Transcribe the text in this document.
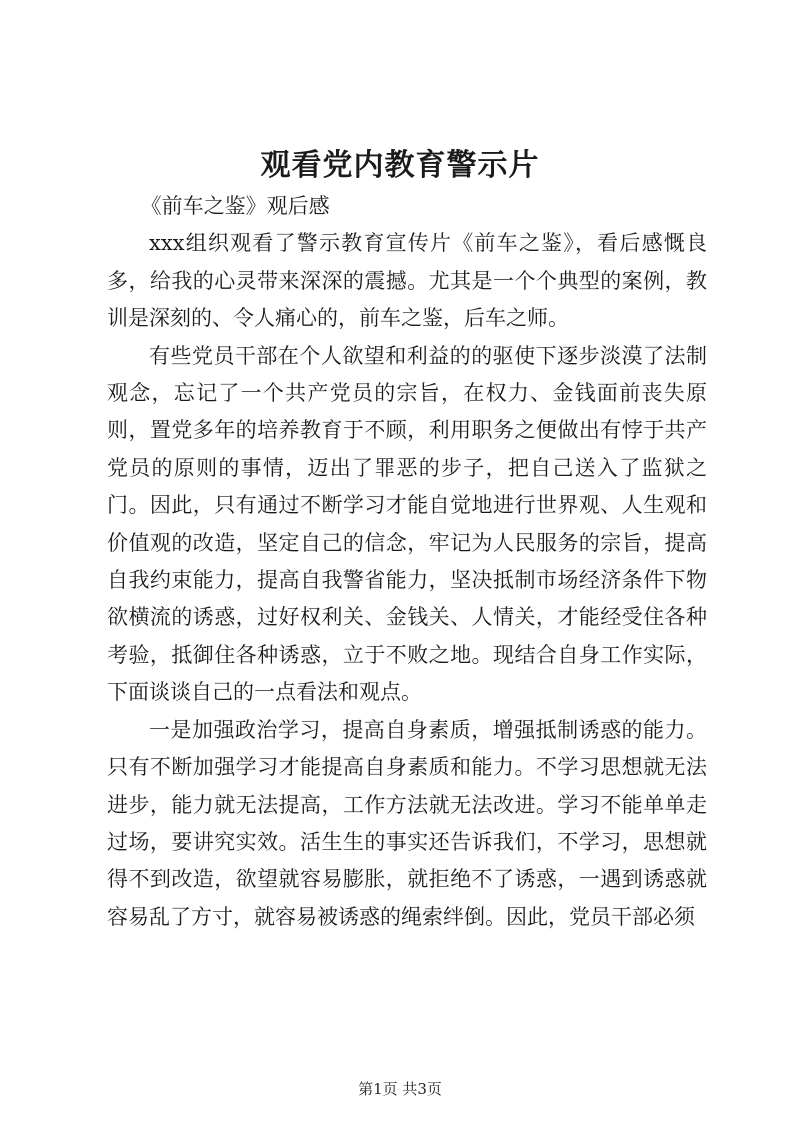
观看党内教育警示片

《前车之鉴》观后感

xxx组织观看了警示教育宣传片《前车之鉴》，看后感慨良多，给我的心灵带来深深的震撼。尤其是一个个典型的案例，教训是深刻的、令人痛心的，前车之鉴，后车之师。

有些党员干部在个人欲望和利益的的驱使下逐步淡漠了法制观念，忘记了一个共产党员的宗旨，在权力、金钱面前丧失原则，置党多年的培养教育于不顾，利用职务之便做出有悖于共产党员的原则的事情，迈出了罪恶的步子，把自己送入了监狱之门。因此，只有通过不断学习才能自觉地进行世界观、人生观和价值观的改造，坚定自己的信念，牢记为人民服务的宗旨，提高自我约束能力，提高自我警省能力，坚决抵制市场经济条件下物欲横流的诱惑，过好权利关、金钱关、人情关，才能经受住各种考验，抵御住各种诱惑，立于不败之地。现结合自身工作实际，下面谈谈自己的一点看法和观点。

一是加强政治学习，提高自身素质，增强抵制诱惑的能力。只有不断加强学习才能提高自身素质和能力。不学习思想就无法进步，能力就无法提高，工作方法就无法改进。学习不能单单走过场，要讲究实效。活生生的事实还告诉我们，不学习，思想就得不到改造，欲望就容易膨胀，就拒绝不了诱惑，一遇到诱惑就容易乱了方寸，就容易被诱惑的绳索绊倒。因此，党员干部必须

第1页 共3页
